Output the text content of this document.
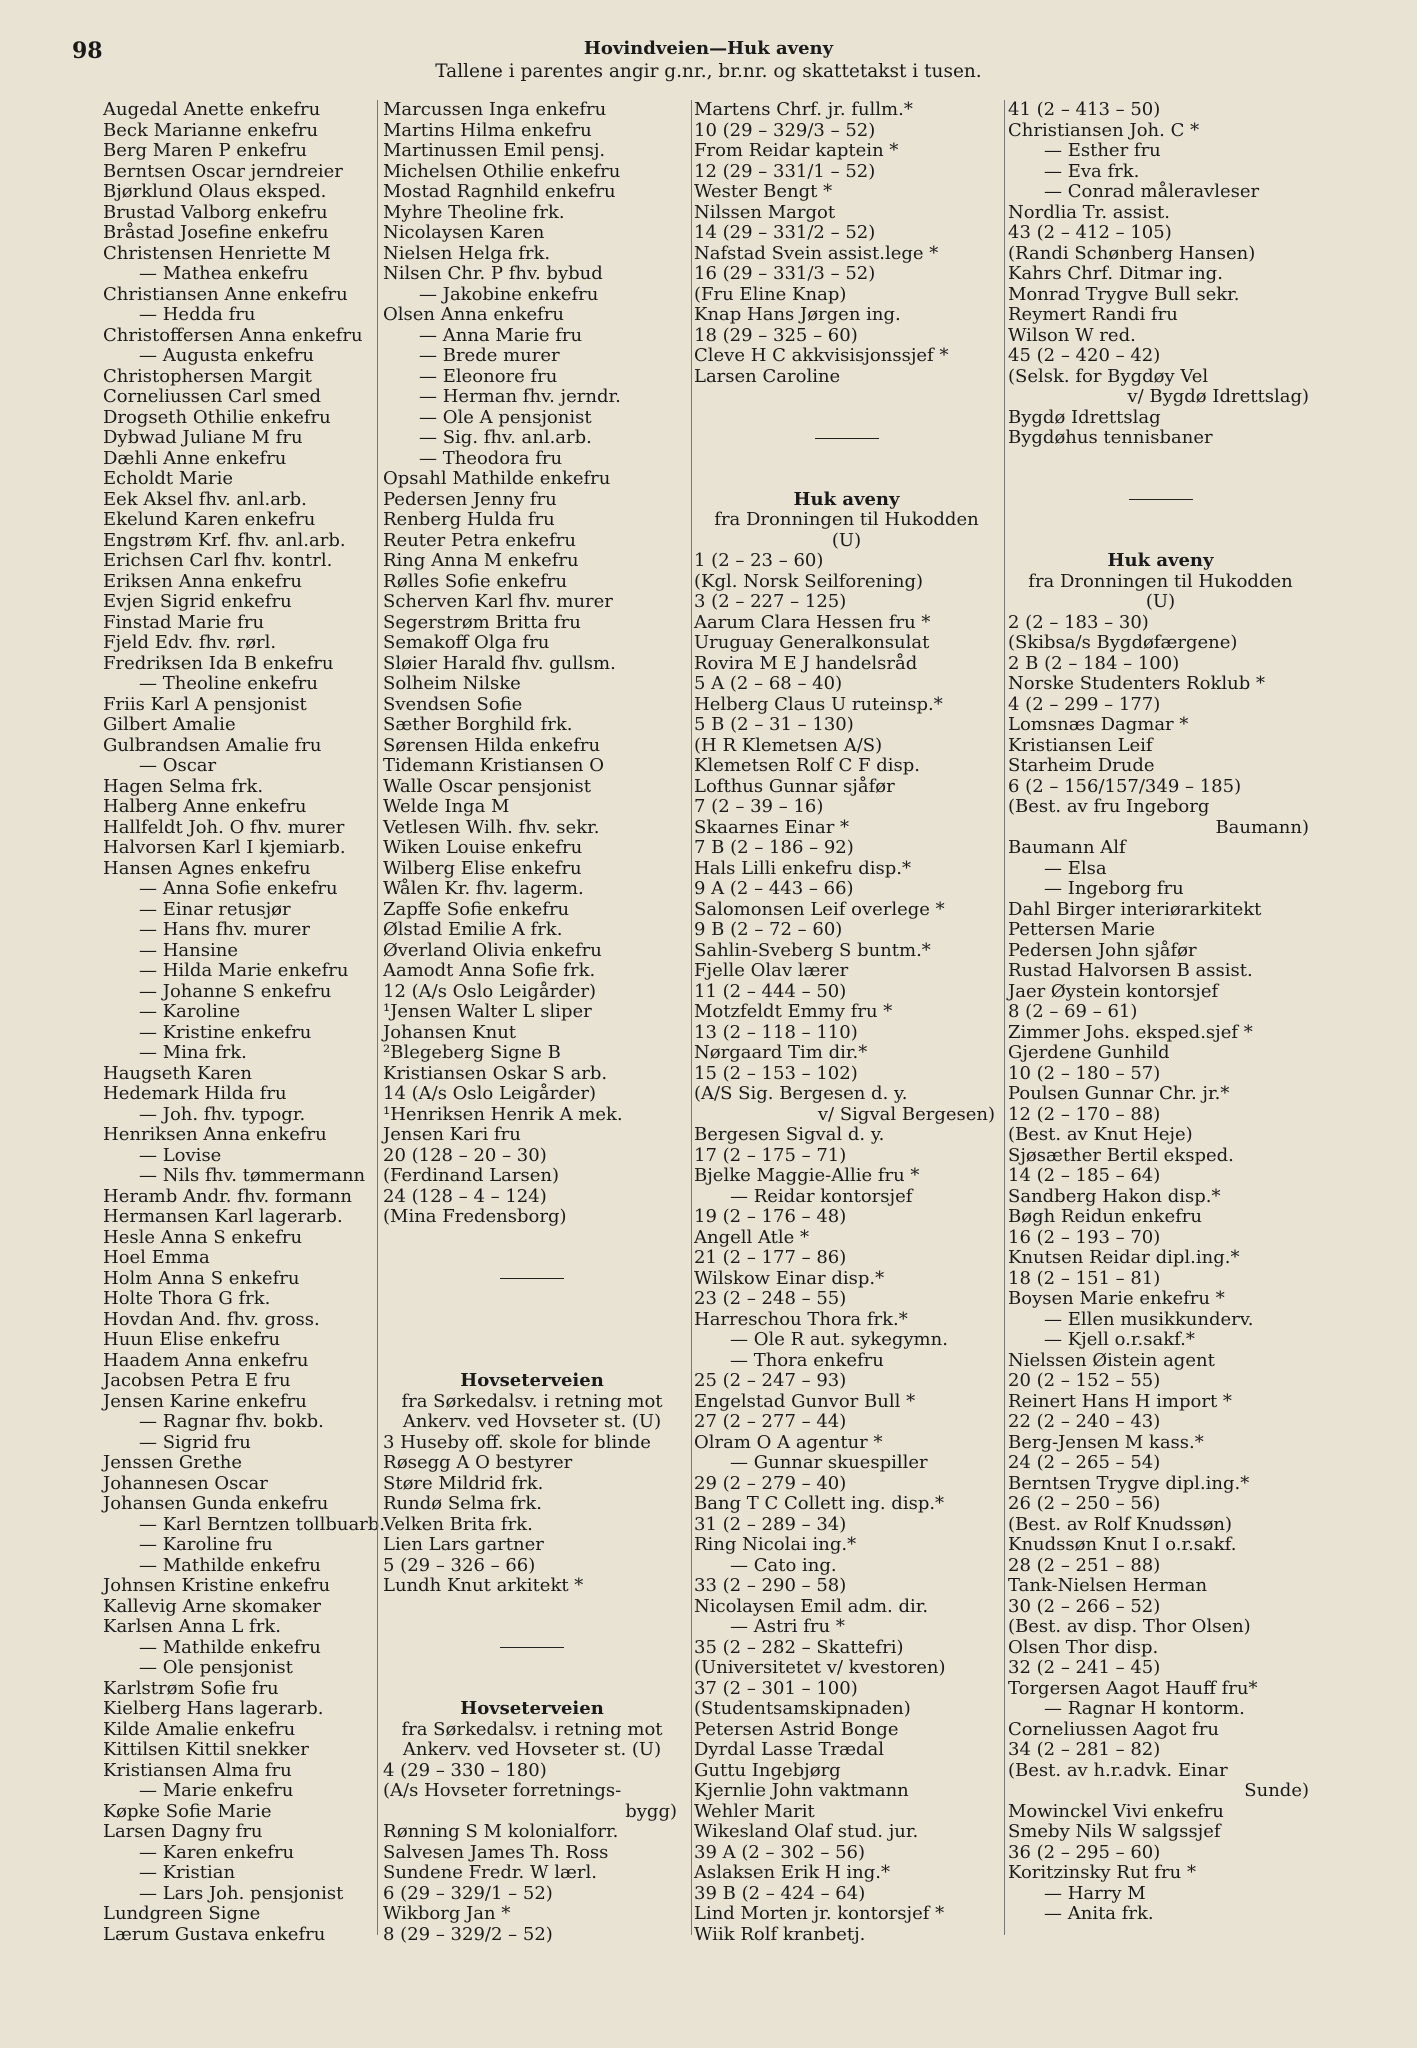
98	Hovindveien—Huk aveny
Tallene i parentes angir g.nr., br.nr. og skattetakst i tusen.
Augedal Anette enkefru
Beck Marianne enkefru
Berg Maren P enkefru
Berntsen Oscar jerndreier
Bjørklund Olaus eksped.
Brustad Valborg enkefru
Bråstad Josefine enkefru
Christensen Henriette M
— Mathea enkefru
Christiansen Anne enkefru
— Hedda fru
Christoffersen Anna enkefru
— Augusta enkefru
Christophersen Margit
Corneliussen Carl smed
Drogseth Othilie enkefru
Dybwad Juliane M fru
Dæhli Anne enkefru
Echoldt Marie
Eek Aksel fhv. anl.arb.
Ekelund Karen enkefru
Engstrøm Krf. fhv. anl.arb.
Erichsen Carl fhv. kontrl.
Eriksen Anna enkefru
Evjen Sigrid enkefru
Finstad Marie fru
Fjeld Edv. fhv. rørl.
Fredriksen Ida B enkefru
— Theoline enkefru
Friis Karl A pensjonist
Gilbert Amalie
Gulbrandsen Amalie fru
— Oscar
Hagen Selma frk.
Halberg Anne enkefru
Hallfeldt Joh. O fhv. murer
Halvorsen Karl I kjemiarb.
Hansen Agnes enkefru
— Anna Sofie enkefru
— Einar retusjør
— Hans fhv. murer
— Hansine
— Hilda Marie enkefru
— Johanne S enkefru
— Karoline
— Kristine enkefru
— Mina frk.
Haugseth Karen
Hedemark Hilda fru
— Joh. fhv. typogr.
Henriksen Anna enkefru
— Lovise
— Nils fhv. tømmermann
Heramb Andr. fhv. formann
Hermansen Karl lagerarb.
Hesle Anna S enkefru
Hoel Emma
Holm Anna S enkefru
Holte Thora G frk.
Hovdan And. fhv. gross.
Huun Elise enkefru
Haadem Anna enkefru
Jacobsen Petra E fru
Jensen Karine enkefru
— Ragnar fhv. bokb.
— Sigrid fru
Jenssen Grethe
Johannesen Oscar
Johansen Gunda enkefru
— Karl Berntzen tollbuarb.
— Karoline fru
— Mathilde enkefru
Johnsen Kristine enkefru
Kallevig Arne skomaker
Karlsen Anna L frk.
— Mathilde enkefru
— Ole pensjonist
Karlstrøm Sofie fru
Kielberg Hans lagerarb.
Kilde Amalie enkefru
Kittilsen Kittil snekker
Kristiansen Alma fru
— Marie enkefru
Køpke Sofie Marie
Larsen Dagny fru
— Karen enkefru
— Kristian
— Lars Joh. pensjonist
Lundgreen Signe
Lærum Gustava enkefru
Marcussen Inga enkefru
Martins Hilma enkefru
Martinussen Emil pensj.
Michelsen Othilie enkefru
Mostad Ragnhild enkefru
Myhre Theoline frk.
Nicolaysen Karen
Nielsen Helga frk.
Nilsen Chr. P fhv. bybud
— Jakobine enkefru
Olsen Anna enkefru
— Anna Marie fru
— Brede murer
— Eleonore fru
— Herman fhv. jerndr.
— Ole A pensjonist
— Sig. fhv. anl.arb.
— Theodora fru
Opsahl Mathilde enkefru
Pedersen Jenny fru
Renberg Hulda fru
Reuter Petra enkefru
Ring Anna M enkefru
Rølles Sofie enkefru
Scherven Karl fhv. murer
Segerstrøm Britta fru
Semakoff Olga fru
Sløier Harald fhv. gullsm.
Solheim Nilske
Svendsen Sofie
Sæther Borghild frk.
Sørensen Hilda enkefru
Tidemann Kristiansen O
Walle Oscar pensjonist
Welde Inga M
Vetlesen Wilh. fhv. sekr.
Wiken Louise enkefru
Wilberg Elise enkefru
Wålen Kr. fhv. lagerm.
Zapffe Sofie enkefru
Ølstad Emilie A frk.
Øverland Olivia enkefru
Aamodt Anna Sofie frk.
12 (A/s Oslo Leigårder)
¹Jensen Walter L sliper
Johansen Knut
²Blegeberg Signe B
Kristiansen Oskar S arb.
14 (A/s Oslo Leigårder)
¹Henriksen Henrik A mek.
Jensen Kari fru
20 (128 – 20 – 30)
(Ferdinand Larsen)
24 (128 – 4 – 124)
(Mina Fredensborg)
Hovseterveien
fra Sørkedalsv. i retning mot
Ankerv. ved Hovseter st. (U)
3 Huseby off. skole for blinde
Røsegg A O bestyrer
Støre Mildrid frk.
Rundø Selma frk.
Velken Brita frk.
Lien Lars gartner
5 (29 – 326 – 66)
Lundh Knut arkitekt *
Hovseterveien
fra Sørkedalsv. i retning mot
Ankerv. ved Hovseter st. (U)
4 (29 – 330 – 180)
(A/s Hovseter forretnings-
bygg)
Rønning S M kolonialforr.
Salvesen James Th. Ross
Sundene Fredr. W lærl.
6 (29 – 329/1 – 52)
Wikborg Jan *
8 (29 – 329/2 – 52)
Martens Chrf. jr. fullm.*
10 (29 – 329/3 – 52)
From Reidar kaptein *
12 (29 – 331/1 – 52)
Wester Bengt *
Nilssen Margot
14 (29 – 331/2 – 52)
Nafstad Svein assist.lege *
16 (29 – 331/3 – 52)
(Fru Eline Knap)
Knap Hans Jørgen ing.
18 (29 – 325 – 60)
Cleve H C akkvisisjonssjef *
Larsen Caroline
Huk aveny
fra Dronningen til Hukodden
(U)
1 (2 – 23 – 60)
(Kgl. Norsk Seilforening)
3 (2 – 227 – 125)
Aarum Clara Hessen fru *
Uruguay Generalkonsulat
Rovira M E J handelsråd
5 A (2 – 68 – 40)
Helberg Claus U ruteinsp.*
5 B (2 – 31 – 130)
(H R Klemetsen A/S)
Klemetsen Rolf C F disp.
Lofthus Gunnar sjåfør
7 (2 – 39 – 16)
Skaarnes Einar *
7 B (2 – 186 – 92)
Hals Lilli enkefru disp.*
9 A (2 – 443 – 66)
Salomonsen Leif overlege *
9 B (2 – 72 – 60)
Sahlin-Sveberg S buntm.*
Fjelle Olav lærer
11 (2 – 444 – 50)
Motzfeldt Emmy fru *
13 (2 – 118 – 110)
Nørgaard Tim dir.*
15 (2 – 153 – 102)
(A/S Sig. Bergesen d. y.
v/ Sigval Bergesen)
Bergesen Sigval d. y.
17 (2 – 175 – 71)
Bjelke Maggie-Allie fru *
— Reidar kontorsjef
19 (2 – 176 – 48)
Angell Atle *
21 (2 – 177 – 86)
Wilskow Einar disp.*
23 (2 – 248 – 55)
Harreschou Thora frk.*
— Ole R aut. sykegymn.
— Thora enkefru
25 (2 – 247 – 93)
Engelstad Gunvor Bull *
27 (2 – 277 – 44)
Olram O A agentur *
— Gunnar skuespiller
29 (2 – 279 – 40)
Bang T C Collett ing. disp.*
31 (2 – 289 – 34)
Ring Nicolai ing.*
— Cato ing.
33 (2 – 290 – 58)
Nicolaysen Emil adm. dir.
— Astri fru *
35 (2 – 282 – Skattefri)
(Universitetet v/ kvestoren)
37 (2 – 301 – 100)
(Studentsamskipnaden)
Petersen Astrid Bonge
Dyrdal Lasse Trædal
Guttu Ingebjørg
Kjernlie John vaktmann
Wehler Marit
Wikesland Olaf stud. jur.
39 A (2 – 302 – 56)
Aslaksen Erik H ing.*
39 B (2 – 424 – 64)
Lind Morten jr. kontorsjef *
Wiik Rolf kranbetj.
41 (2 – 413 – 50)
Christiansen Joh. C *
— Esther fru
— Eva frk.
— Conrad måleravleser
Nordlia Tr. assist.
43 (2 – 412 – 105)
(Randi Schønberg Hansen)
Kahrs Chrf. Ditmar ing.
Monrad Trygve Bull sekr.
Reymert Randi fru
Wilson W red.
45 (2 – 420 – 42)
(Selsk. for Bygdøy Vel
v/ Bygdø Idrettslag)
Bygdø Idrettslag
Bygdøhus tennisbaner
Huk aveny
fra Dronningen til Hukodden
(U)
2 (2 – 183 – 30)
(Skibsa/s Bygdøfærgene)
2 B (2 – 184 – 100)
Norske Studenters Roklub *
4 (2 – 299 – 177)
Lomsnæs Dagmar *
Kristiansen Leif
Starheim Drude
6 (2 – 156/157/349 – 185)
(Best. av fru Ingeborg
Baumann)
Baumann Alf
— Elsa
— Ingeborg fru
Dahl Birger interiørarkitekt
Pettersen Marie
Pedersen John sjåfør
Rustad Halvorsen B assist.
Jaer Øystein kontorsjef
8 (2 – 69 – 61)
Zimmer Johs. eksped.sjef *
Gjerdene Gunhild
10 (2 – 180 – 57)
Poulsen Gunnar Chr. jr.*
12 (2 – 170 – 88)
(Best. av Knut Heje)
Sjøsæther Bertil eksped.
14 (2 – 185 – 64)
Sandberg Hakon disp.*
Bøgh Reidun enkefru
16 (2 – 193 – 70)
Knutsen Reidar dipl.ing.*
18 (2 – 151 – 81)
Boysen Marie enkefru *
— Ellen musikkunderv.
— Kjell o.r.sakf.*
Nielssen Øistein agent
20 (2 – 152 – 55)
Reinert Hans H import *
22 (2 – 240 – 43)
Berg-Jensen M kass.*
24 (2 – 265 – 54)
Berntsen Trygve dipl.ing.*
26 (2 – 250 – 56)
(Best. av Rolf Knudssøn)
Knudssøn Knut I o.r.sakf.
28 (2 – 251 – 88)
Tank-Nielsen Herman
30 (2 – 266 – 52)
(Best. av disp. Thor Olsen)
Olsen Thor disp.
32 (2 – 241 – 45)
Torgersen Aagot Hauff fru*
— Ragnar H kontorm.
Corneliussen Aagot fru
34 (2 – 281 – 82)
(Best. av h.r.advk. Einar
Sunde)
Mowinckel Vivi enkefru
Smeby Nils W salgssjef
36 (2 – 295 – 60)
Koritzinsky Rut fru *
— Harry M
— Anita frk.
